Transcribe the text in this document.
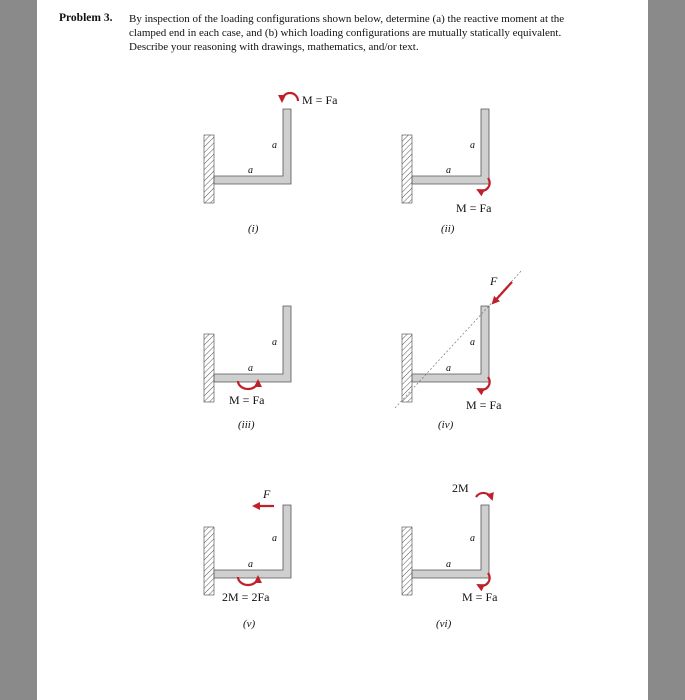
Problem 3. By inspection of the loading configurations shown below, determine (a) the reactive moment at the

clamped end in each case, and (b) which loading configurations are mutually statically equivalent.

Describe your reasoning with drawings, mathematics, and/or text.

a
a
M = Fa
(i)
a
a
M = Fa
(ii)
a
a
M = Fa
(iii)
F
a
a
M = Fa
(iv)
F
a
a
2M = 2Fa
(v)
2M
a
a
M = Fa
(vi)
